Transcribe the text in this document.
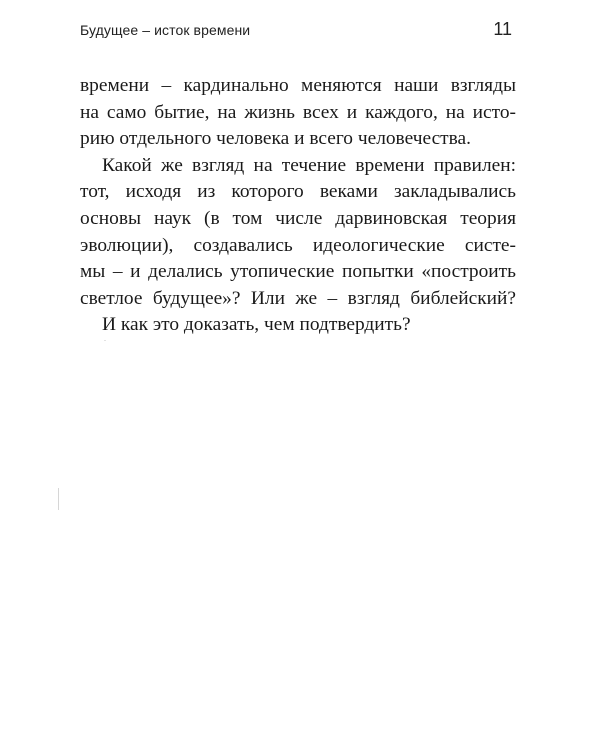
Будущее – исток времени	11
времени – кардинально меняются наши взгляды
на само бытие, на жизнь всех и каждого, на исто-
рию отдельного человека и всего человечества.
Какой же взгляд на течение времени правилен:
тот, исходя из которого веками закладывались
основы наук (в том числе дарвиновская теория
эволюции), создавались идеологические систе-
мы – и делались утопические попытки «построить
светлое будущее»? Или же – взгляд библейский?
И как это доказать, чем подтвердить?
